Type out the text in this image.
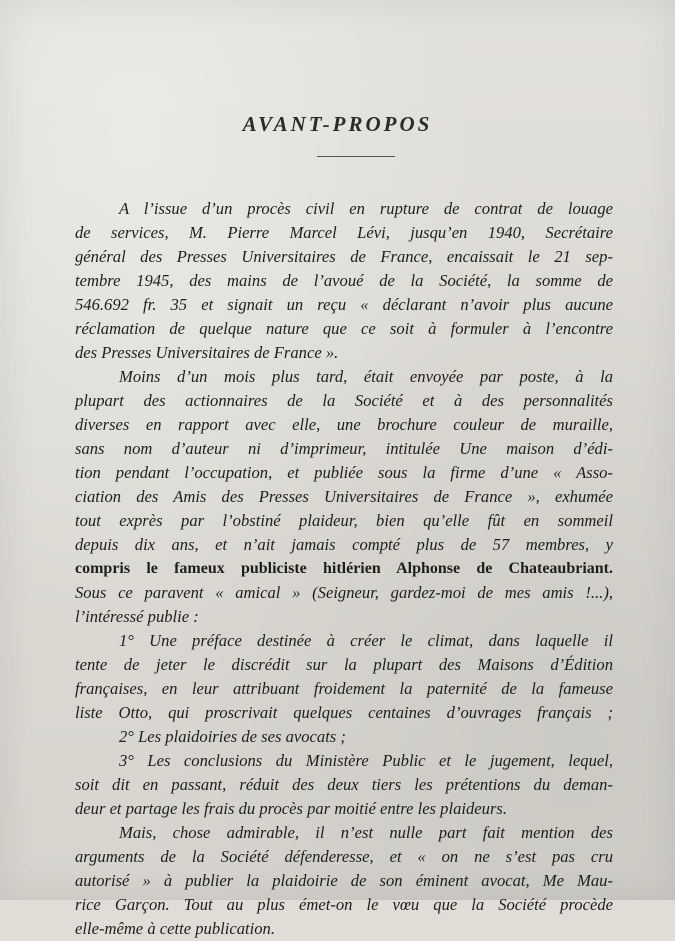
AVANT-PROPOS
A l’issue d’un procès civil en rupture de contrat de louage
de services, M. Pierre Marcel Lévi, jusqu’en 1940, Secrétaire
général des Presses Universitaires de France, encaissait le 21 sep-
tembre 1945, des mains de l’avoué de la Société, la somme de
546.692 fr. 35 et signait un reçu « déclarant n’avoir plus aucune
réclamation de quelque nature que ce soit à formuler à l’encontre
des Presses Universitaires de France ».
Moins d’un mois plus tard, était envoyée par poste, à la
plupart des actionnaires de la Société et à des personnalités
diverses en rapport avec elle, une brochure couleur de muraille,
sans nom d’auteur ni d’imprimeur, intitulée Une maison d’édi-
tion pendant l’occupation, et publiée sous la firme d’une « Asso-
ciation des Amis des Presses Universitaires de France », exhumée
tout exprès par l’obstiné plaideur, bien qu’elle fût en sommeil
depuis dix ans, et n’ait jamais compté plus de 57 membres, y
compris le fameux publiciste hitlérien Alphonse de Chateaubriant.
Sous ce paravent « amical » (Seigneur, gardez-moi de mes amis !...),
l’intéressé publie :
1° Une préface destinée à créer le climat, dans laquelle il
tente de jeter le discrédit sur la plupart des Maisons d’Édition
françaises, en leur attribuant froidement la paternité de la fameuse
liste Otto, qui proscrivait quelques centaines d’ouvrages français ;
2° Les plaidoiries de ses avocats ;
3° Les conclusions du Ministère Public et le jugement, lequel,
soit dit en passant, réduit des deux tiers les prétentions du deman-
deur et partage les frais du procès par moitié entre les plaideurs.
Mais, chose admirable, il n’est nulle part fait mention des
arguments de la Société défenderesse, et « on ne s’est pas cru
autorisé » à publier la plaidoirie de son éminent avocat, Me Mau-
rice Garçon. Tout au plus émet-on le vœu que la Société procède
elle-même à cette publication.
